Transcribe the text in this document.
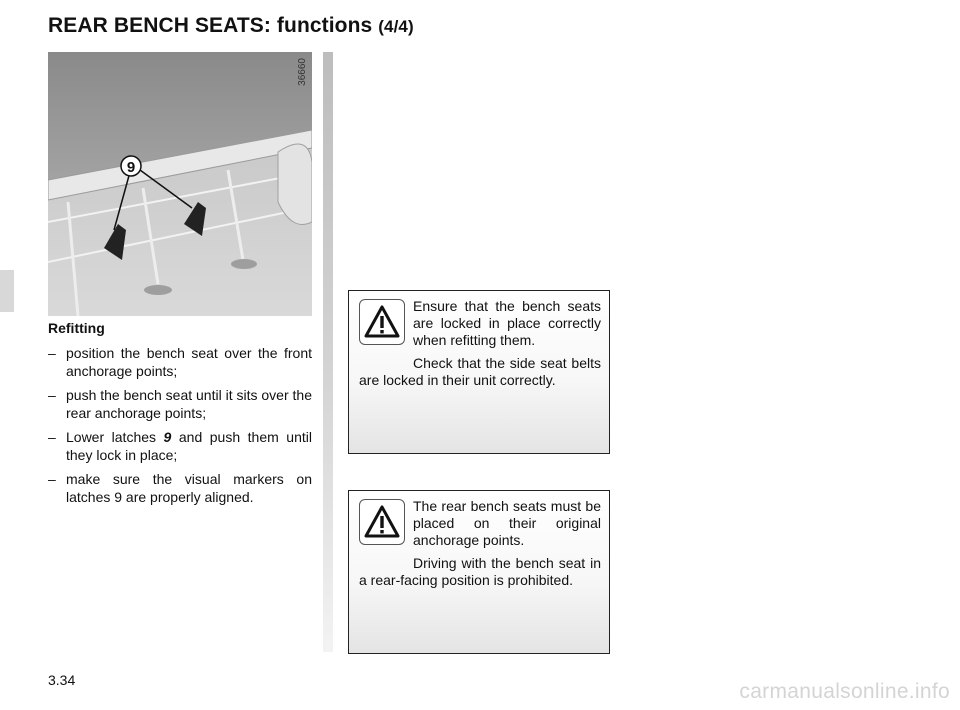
REAR BENCH SEATS: functions (4/4)
9
36660
Refitting
– position the bench seat over the front anchorage points;
– push the bench seat until it sits over the rear anchorage points;
– Lower latches 9 and push them until they lock in place;
– make sure the visual markers on latches 9 are properly aligned.

Ensure that the bench seats are locked in place correctly when refitting them.

Check that the side seat belts are locked in their unit correctly.

The rear bench seats must be placed on their original anchorage points.

Driving with the bench seat in a rear-facing position is prohibited.

3.34	carmanualsonline.info
